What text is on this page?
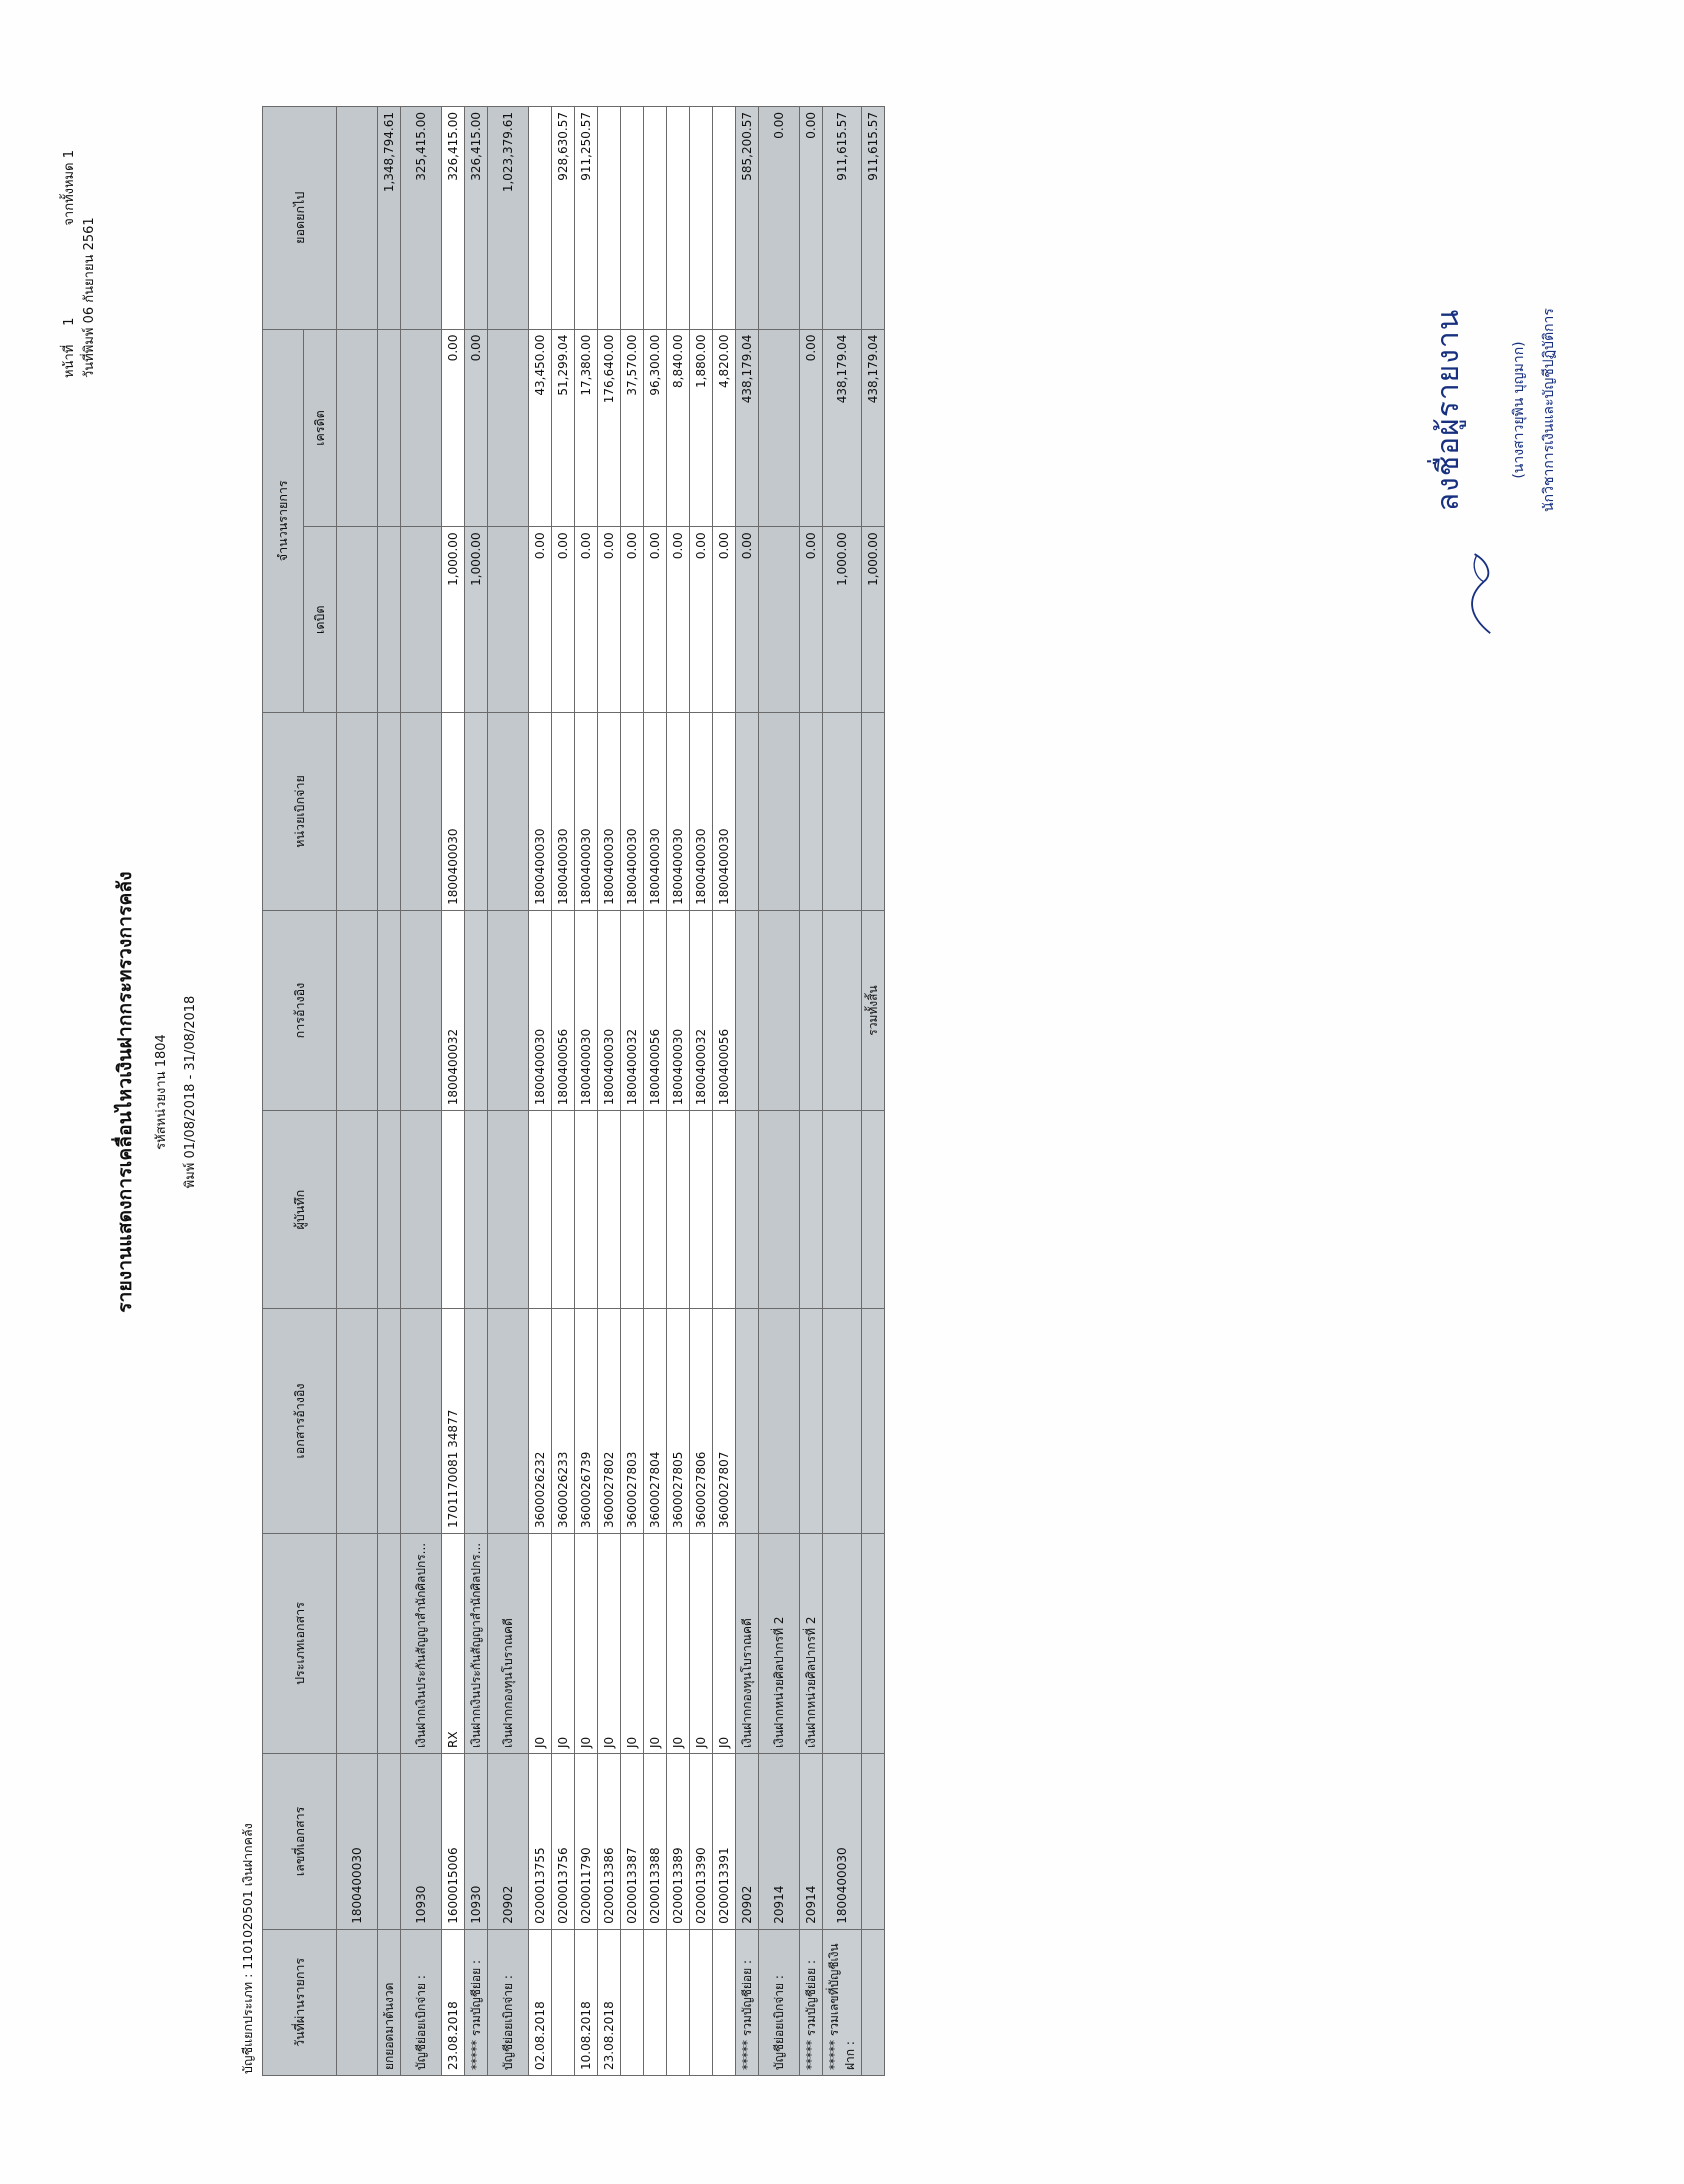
หน้าที่ 1 จากทั้งหมด 1
วันที่พิมพ์ 06 กันยายน 2561
รายงานแสดงการเคลื่อนไหวเงินฝากกระทรวงการคลัง	รหัสหน่วยงาน 1804	พิมพ์ 01/08/2018 - 31/08/2018
บัญชีแยกประเภท : 1101020501 เงินฝากคลัง	วันที่ผ่านรายการ	เลขที่เอกสาร	ประเภทเอกสาร	เอกสารอ้างอิง	ผู้บันทึก	การอ้างอิง	หน่วยเบิกจ่าย	จำนวนรายการ		ยอดยกไป
							เดบิต	เครดิต	
	1800400030								
ยกยอดมาต้นงวด									1,348,794.61
บัญชีย่อยเบิกจ่าย :	10930	เงินฝากเงินประกันสัญญาสำนักศิลปกร...							325,415.00
23.08.2018	1600015006	RX	1701170081 34877		1800400032	1800400030	1,000.00	0.00	326,415.00
***** รวมบัญชีย่อย :	10930	เงินฝากเงินประกันสัญญาสำนักศิลปกร...					1,000.00	0.00	326,415.00
บัญชีย่อยเบิกจ่าย :	20902	เงินฝากกองทุนโบราณคดี							1,023,379.61
02.08.2018	0200013755	J0	3600026232		1800400030	1800400030	0.00	43,450.00	
	0200013756	J0	3600026233		1800400056	1800400030	0.00	51,299.04	928,630.57
10.08.2018	0200011790	J0	3600026739		1800400030	1800400030	0.00	17,380.00	911,250.57
23.08.2018	0200013386	J0	3600027802		1800400030	1800400030	0.00	176,640.00	
	0200013387	J0	3600027803		1800400032	1800400030	0.00	37,570.00	
	0200013388	J0	3600027804		1800400056	1800400030	0.00	96,300.00	
	0200013389	J0	3600027805		1800400030	1800400030	0.00	8,840.00	
	0200013390	J0	3600027806		1800400032	1800400030	0.00	1,880.00	
	0200013391	J0	3600027807		1800400056	1800400030	0.00	4,820.00	
***** รวมบัญชีย่อย :	20902	เงินฝากกองทุนโบราณคดี					0.00	438,179.04	585,200.57
บัญชีย่อยเบิกจ่าย :	20914	เงินฝากหน่วยศิลปากรที่ 2							0.00
***** รวมบัญชีย่อย :	20914	เงินฝากหน่วยศิลปากรที่ 2					0.00	0.00	0.00
***** รวมเลขที่บัญชีเงินฝาก :	1800400030						1,000.00	438,179.04	911,615.57
					รวมทั้งสิ้น		1,000.00	438,179.04	911,615.57
ลงชื่อผู้รายงาน	(นางสาวยุพิน บุญมาก)	นักวิชาการเงินและบัญชีปฏิบัติการ
